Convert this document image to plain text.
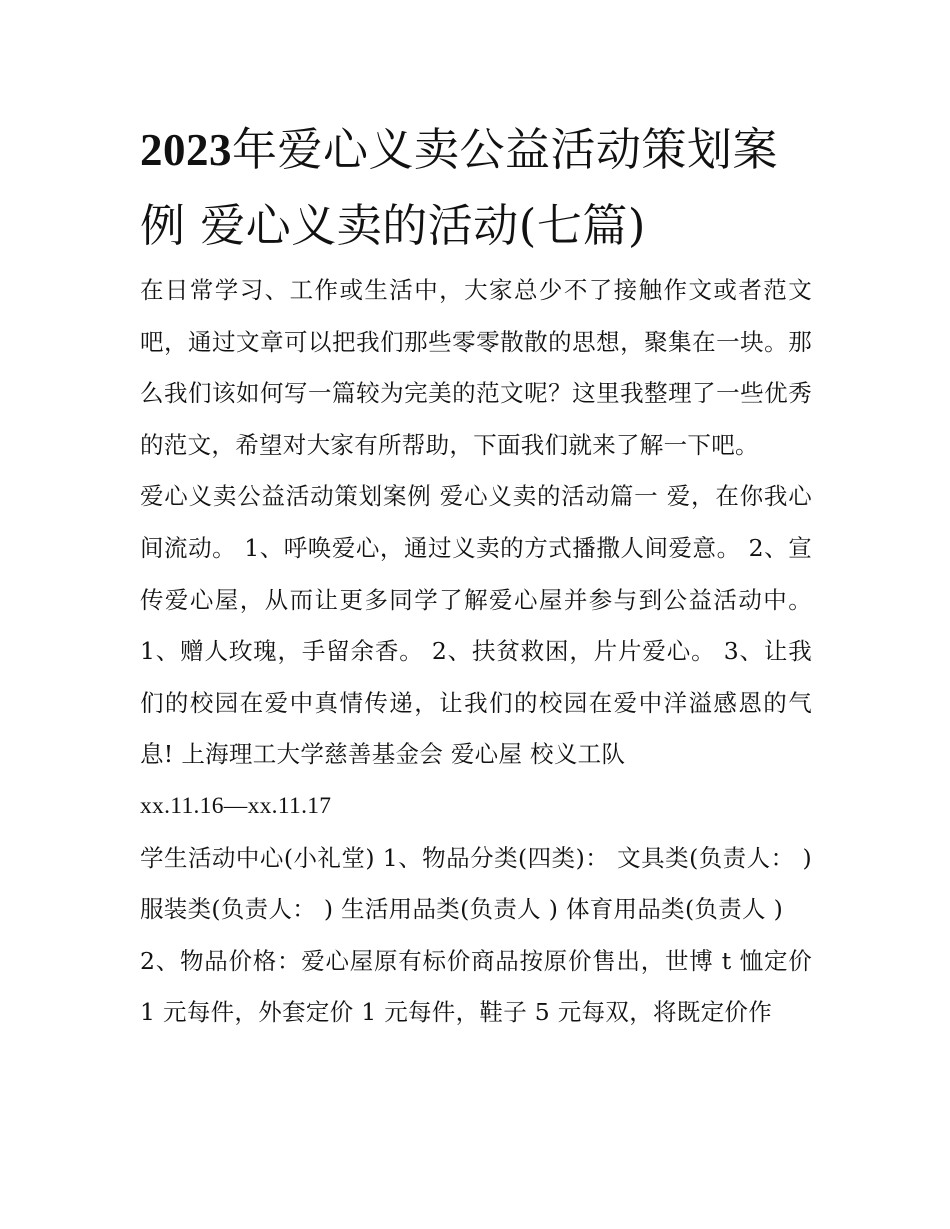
2023年爱心义卖公益活动策划案例 爱心义卖的活动(七篇)

在日常学习、工作或生活中，大家总少不了接触作文或者范文吧，通过文章可以把我们那些零零散散的思想，聚集在一块。那么我们该如何写一篇较为完美的范文呢？这里我整理了一些优秀的范文，希望对大家有所帮助，下面我们就来了解一下吧。

爱心义卖公益活动策划案例 爱心义卖的活动篇一 爱，在你我心间流动。 1、呼唤爱心，通过义卖的方式播撒人间爱意。 2、宣传爱心屋，从而让更多同学了解爱心屋并参与到公益活动中。 1、赠人玫瑰，手留余香。 2、扶贫救困，片片爱心。 3、让我们的校园在爱中真情传递，让我们的校园在爱中洋溢感恩的气息! 上海理工大学慈善基金会 爱心屋 校义工队

xx.11.16—xx.11.17

学生活动中心(小礼堂) 1、物品分类(四类)： 文具类(负责人： ) 服装类(负责人： ) 生活用品类(负责人 ) 体育用品类(负责人 )

2、物品价格：爱心屋原有标价商品按原价售出，世博 t 恤定价 1 元每件，外套定价 1 元每件，鞋子 5 元每双，将既定价作
